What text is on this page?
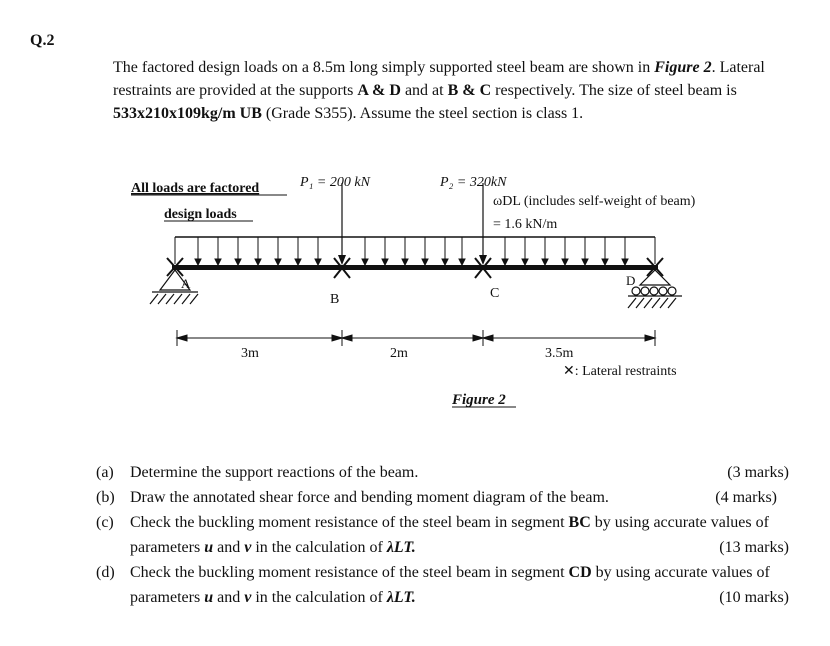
Q.2
The factored design loads on a 8.5m long simply supported steel beam are shown in Figure 2. Lateral restraints are provided at the supports A & D and at B & C respectively. The size of steel beam is 533x210x109kg/m UB (Grade S355). Assume the steel section is class 1.
All loads are factored
design loads
P₁ = 200 kN	P₂ = 320kN
ωDL (includes self-weight of beam)
= 1.6 kN/m
A	D
B	C
3m	2m	3.5m
✕: Lateral restraints
Figure 2
(a) Determine the support reactions of the beam.	(3 marks)
(b) Draw the annotated shear force and bending moment diagram of the beam.	(4 marks)
(c) Check the buckling moment resistance of the steel beam in segment BC by using accurate values of parameters u and v in the calculation of λLT.	(13 marks)
(d) Check the buckling moment resistance of the steel beam in segment CD by using accurate values of parameters u and v in the calculation of λLT.	(10 marks)
